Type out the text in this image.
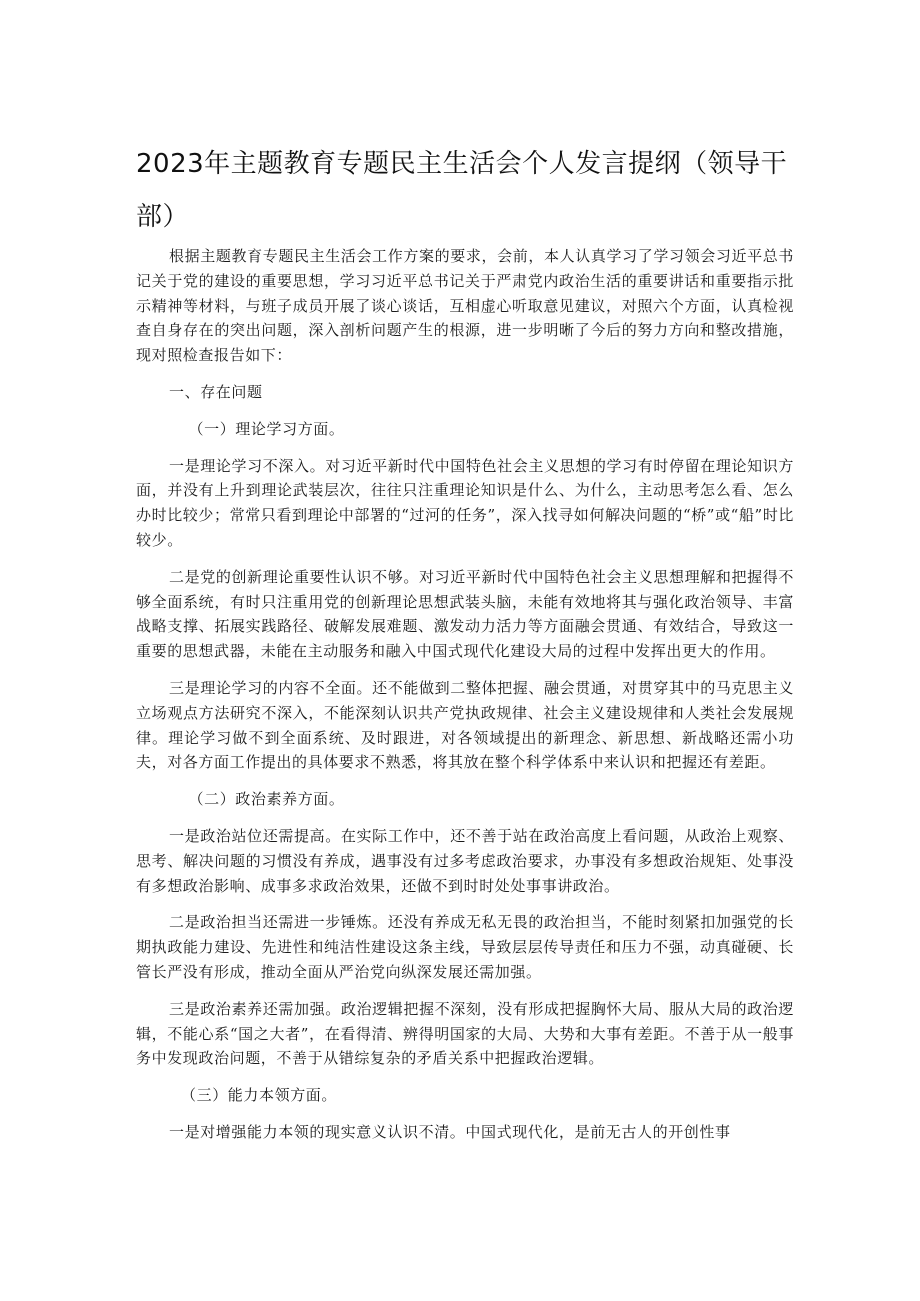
2023年主题教育专题民主生活会个人发言提纲（领导干部）

根据主题教育专题民主生活会工作方案的要求，会前，本人认真学习了学习领会习近平总书记关于党的建设的重要思想，学习习近平总书记关于严肃党内政治生活的重要讲话和重要指示批示精神等材料，与班子成员开展了谈心谈话，互相虚心听取意见建议，对照六个方面，认真检视查自身存在的突出问题，深入剖析问题产生的根源，进一步明晰了今后的努力方向和整改措施，现对照检查报告如下：

一、存在问题

（一）理论学习方面。

一是理论学习不深入。对习近平新时代中国特色社会主义思想的学习有时停留在理论知识方面，并没有上升到理论武装层次，往往只注重理论知识是什么、为什么，主动思考怎么看、怎么办时比较少；常常只看到理论中部署的“过河的任务”，深入找寻如何解决问题的“桥”或“船”时比较少。

二是党的创新理论重要性认识不够。对习近平新时代中国特色社会主义思想理解和把握得不够全面系统，有时只注重用党的创新理论思想武装头脑，未能有效地将其与强化政治领导、丰富战略支撑、拓展实践路径、破解发展难题、激发动力活力等方面融会贯通、有效结合，导致这一重要的思想武器，未能在主动服务和融入中国式现代化建设大局的过程中发挥出更大的作用。

三是理论学习的内容不全面。还不能做到二整体把握、融会贯通，对贯穿其中的马克思主义立场观点方法研究不深入，不能深刻认识共产党执政规律、社会主义建设规律和人类社会发展规律。理论学习做不到全面系统、及时跟进，对各领域提出的新理念、新思想、新战略还需小功夫，对各方面工作提出的具体要求不熟悉，将其放在整个科学体系中来认识和把握还有差距。

（二）政治素养方面。

一是政治站位还需提高。在实际工作中，还不善于站在政治高度上看问题，从政治上观察、思考、解决问题的习惯没有养成，遇事没有过多考虑政治要求，办事没有多想政治规矩、处事没有多想政治影响、成事多求政治效果，还做不到时时处处事事讲政治。

二是政治担当还需进一步锤炼。还没有养成无私无畏的政治担当，不能时刻紧扣加强党的长期执政能力建设、先进性和纯洁性建设这条主线，导致层层传导责任和压力不强，动真碰硬、长管长严没有形成，推动全面从严治党向纵深发展还需加强。

三是政治素养还需加强。政治逻辑把握不深刻，没有形成把握胸怀大局、服从大局的政治逻辑，不能心系“国之大者”，在看得清、辨得明国家的大局、大势和大事有差距。不善于从一般事务中发现政治问题，不善于从错综复杂的矛盾关系中把握政治逻辑。

（三）能力本领方面。

一是对增强能力本领的现实意义认识不清。中国式现代化，是前无古人的开创性事
